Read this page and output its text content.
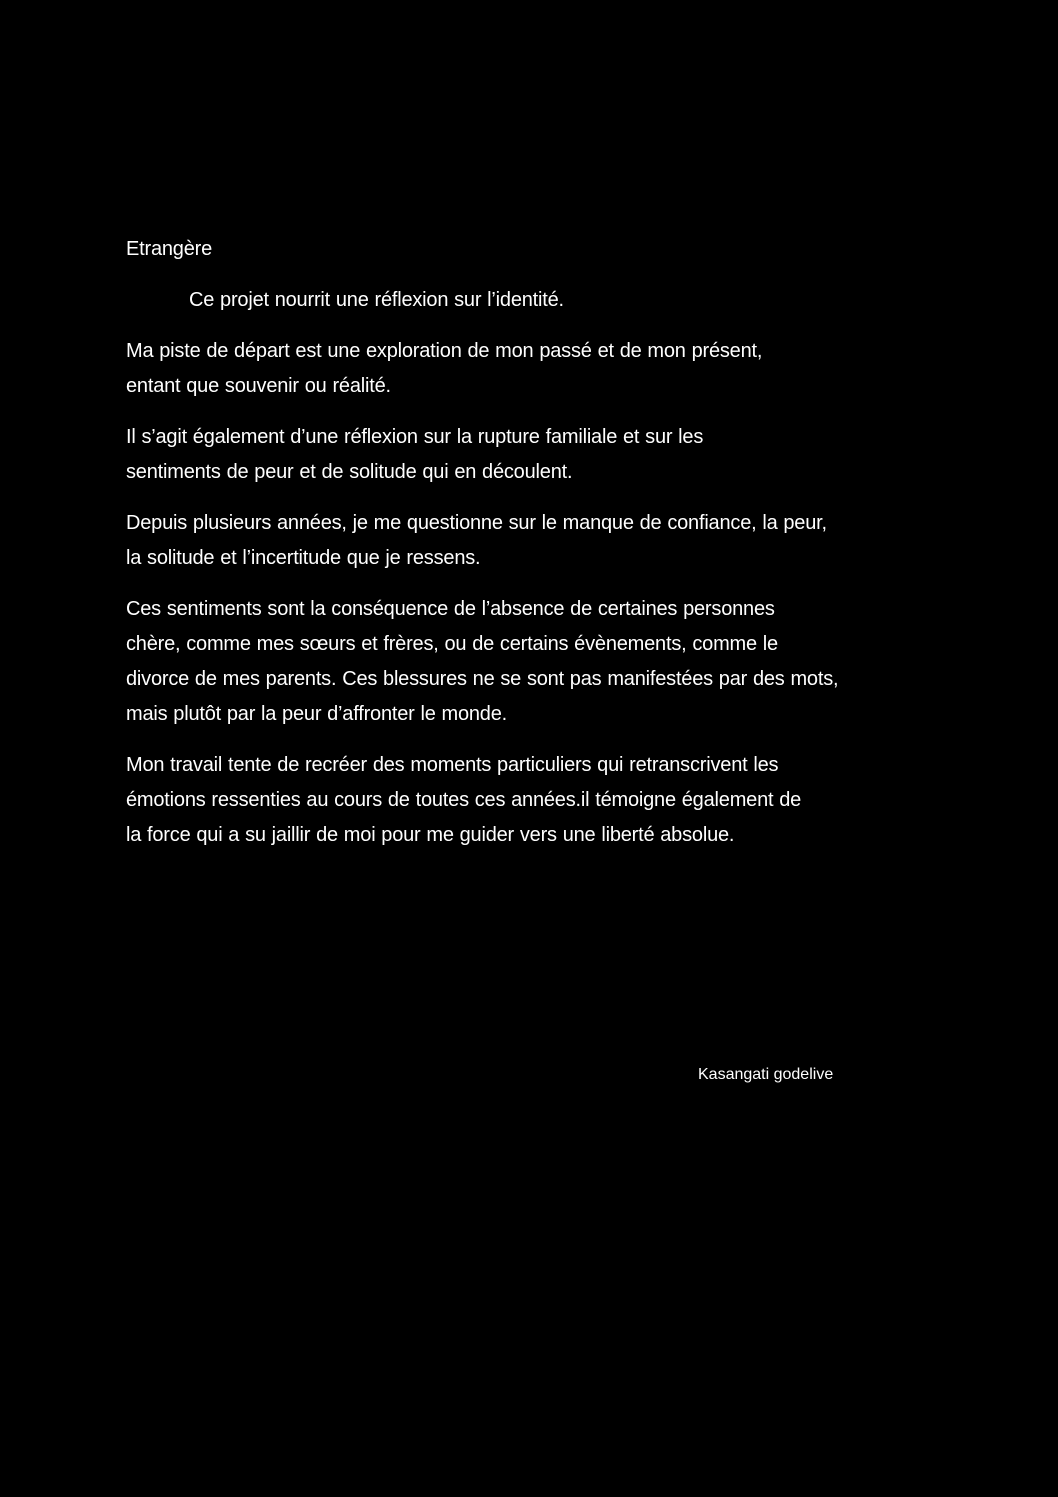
Etrangère

Ce projet nourrit une réflexion sur l’identité.

Ma piste de départ est une exploration de mon passé et de mon présent,
entant que souvenir ou réalité.
Il s’agit également d’une réflexion sur la rupture familiale et sur les
sentiments de peur et de solitude qui en découlent.
Depuis plusieurs années, je me questionne sur le manque de confiance, la peur,
la solitude et l’incertitude que je ressens.
Ces sentiments sont la conséquence de l’absence de certaines personnes
chère, comme mes sœurs et frères, ou de certains évènements, comme le
divorce de mes parents. Ces blessures ne se sont pas manifestées par des mots,
mais plutôt par la peur d’affronter le monde.
Mon travail tente de recréer des moments particuliers qui retranscrivent les
émotions ressenties au cours de toutes ces années.il témoigne également de
la force qui a su jaillir de moi pour me guider vers une liberté absolue.
Kasangati godelive
